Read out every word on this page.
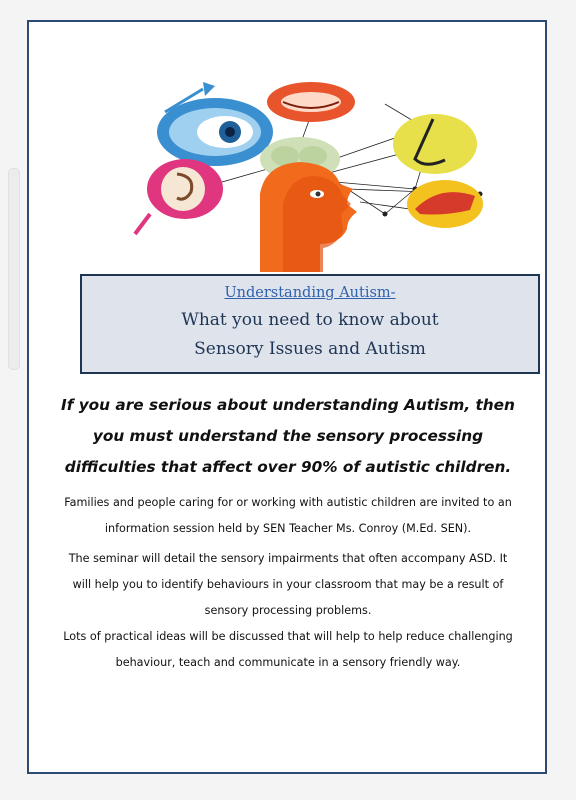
Understanding Autism-
What you need to know about
Sensory Issues and Autism
If you are serious about understanding Autism, then you must understand the sensory processing difficulties that affect over 90% of autistic children.
Families and people caring for or working with autistic children are invited to an information session held by SEN Teacher Ms. Conroy (M.Ed. SEN).
The seminar will detail the sensory impairments that often accompany ASD. It will help you to identify behaviours in your classroom that may be a result of sensory processing problems.
Lots of practical ideas will be discussed that will help to help reduce challenging behaviour, teach and communicate in a sensory friendly way.
